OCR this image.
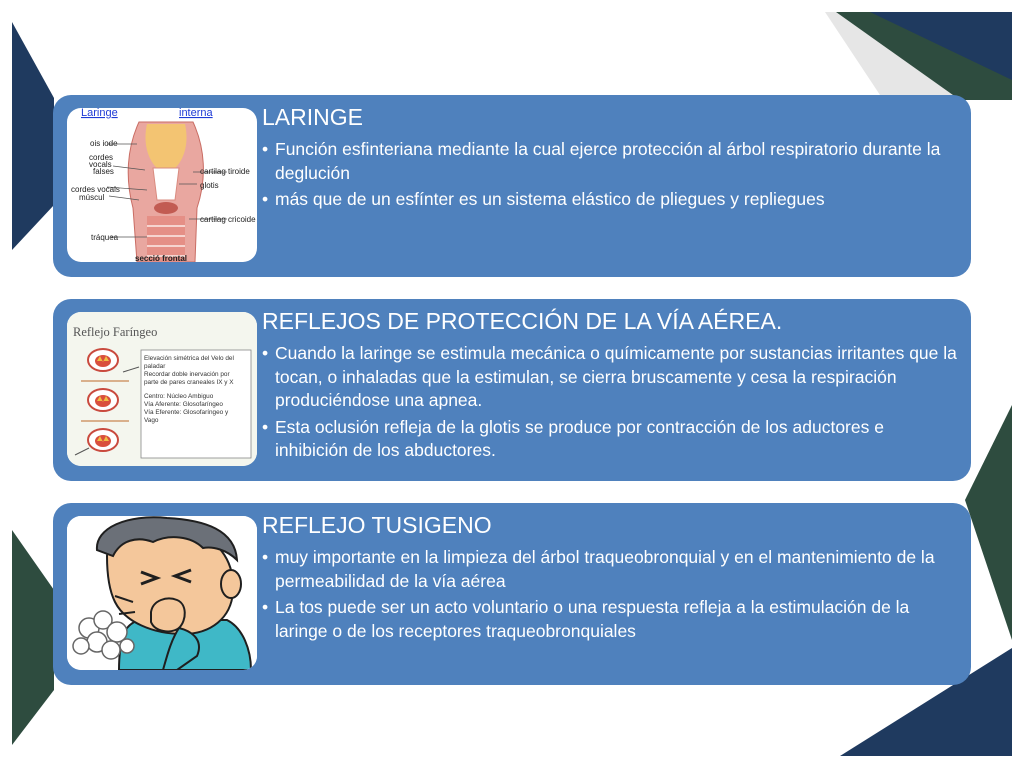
Laringe	interna
ois iode
cordes
vocals
falses
cordes vocals
múscul
tráquea
cartilag tiroide
glotis
cartilag cricoide
secció frontal
LARINGE
• Función esfinteriana mediante la cual ejerce protección al árbol respiratorio durante la deglución
• más que de un esfínter es un sistema elástico de pliegues y repliegues
Reflejo Faríngeo
Elevación simétrica del Velo del
paladar
Recordar doble inervación por
parte de pares craneales IX y X
Centro: Núcleo Ambiguo
Vía Aferente: Glosofaríngeo
Vía Eferente: Glosofaríngeo y
Vago
REFLEJOS DE PROTECCIÓN DE LA VÍA AÉREA.
• Cuando la laringe se estimula mecánica o químicamente por sustancias irritantes que la tocan, o inhaladas que la estimulan, se cierra bruscamente y cesa la respiración produciéndose una apnea.
• Esta oclusión refleja de la glotis se produce por contracción de los aductores e inhibición de los abductores.
REFLEJO TUSIGENO
• muy importante en la limpieza del árbol traqueobronquial y en el mantenimiento de la permeabilidad de la vía aérea
• La tos puede ser un acto voluntario o una respuesta refleja a la estimulación de la laringe o de los receptores traqueobronquiales
